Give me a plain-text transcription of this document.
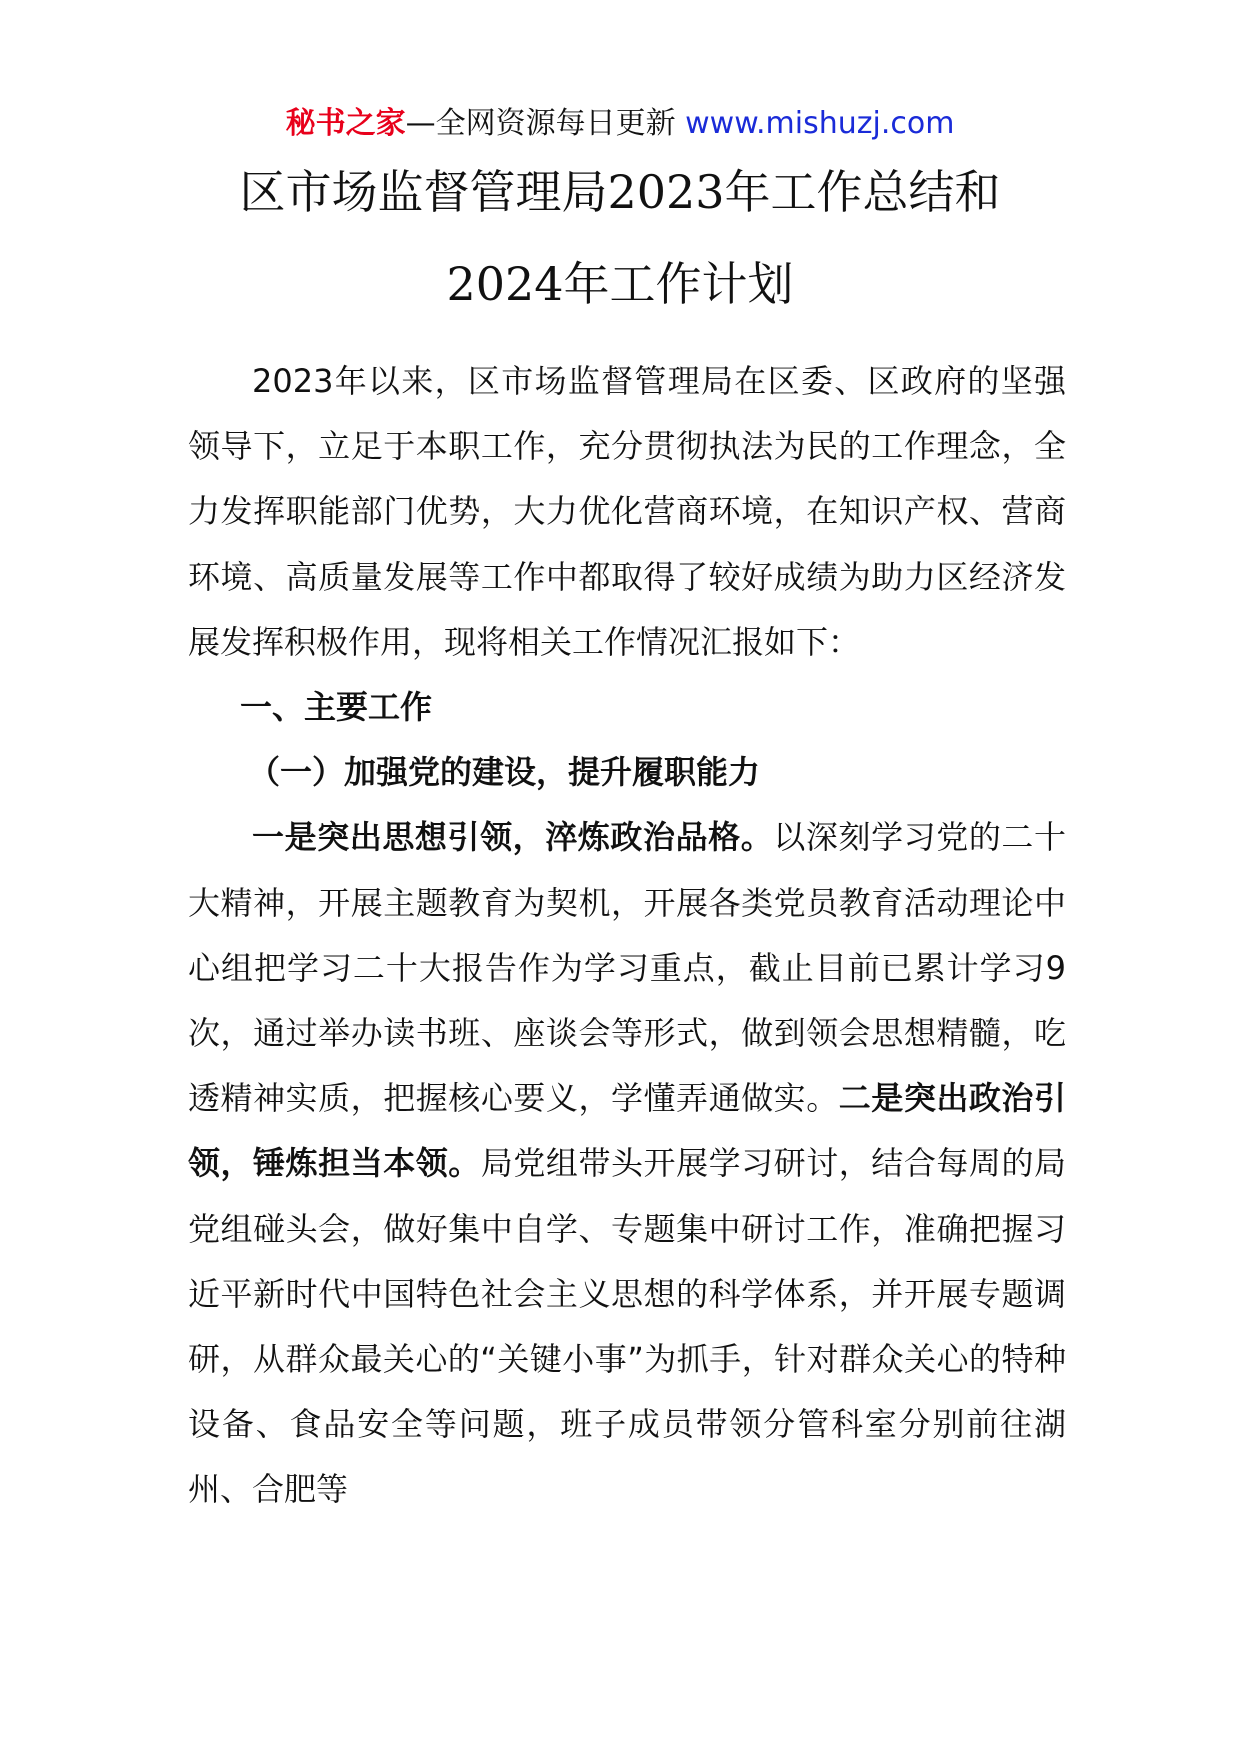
秘书之家—全网资源每日更新 www.mishuzj.com
区市场监督管理局2023年工作总结和
2024年工作计划

2023年以来，区市场监督管理局在区委、区政府的坚强领导下，立足于本职工作，充分贯彻执法为民的工作理念，全力发挥职能部门优势，大力优化营商环境，在知识产权、营商环境、高质量发展等工作中都取得了较好成绩为助力区经济发展发挥积极作用，现将相关工作情况汇报如下：

一、主要工作

（一）加强党的建设，提升履职能力

一是突出思想引领，淬炼政治品格。以深刻学习党的二十大精神，开展主题教育为契机，开展各类党员教育活动理论中心组把学习二十大报告作为学习重点，截止目前已累计学习9次，通过举办读书班、座谈会等形式，做到领会思想精髓，吃透精神实质，把握核心要义，学懂弄通做实。二是突出政治引领，锤炼担当本领。局党组带头开展学习研讨，结合每周的局党组碰头会，做好集中自学、专题集中研讨工作，准确把握习近平新时代中国特色社会主义思想的科学体系，并开展专题调研，从群众最关心的“关键小事”为抓手，针对群众关心的特种设备、食品安全等问题，班子成员带领分管科室分别前往湖州、合肥等
